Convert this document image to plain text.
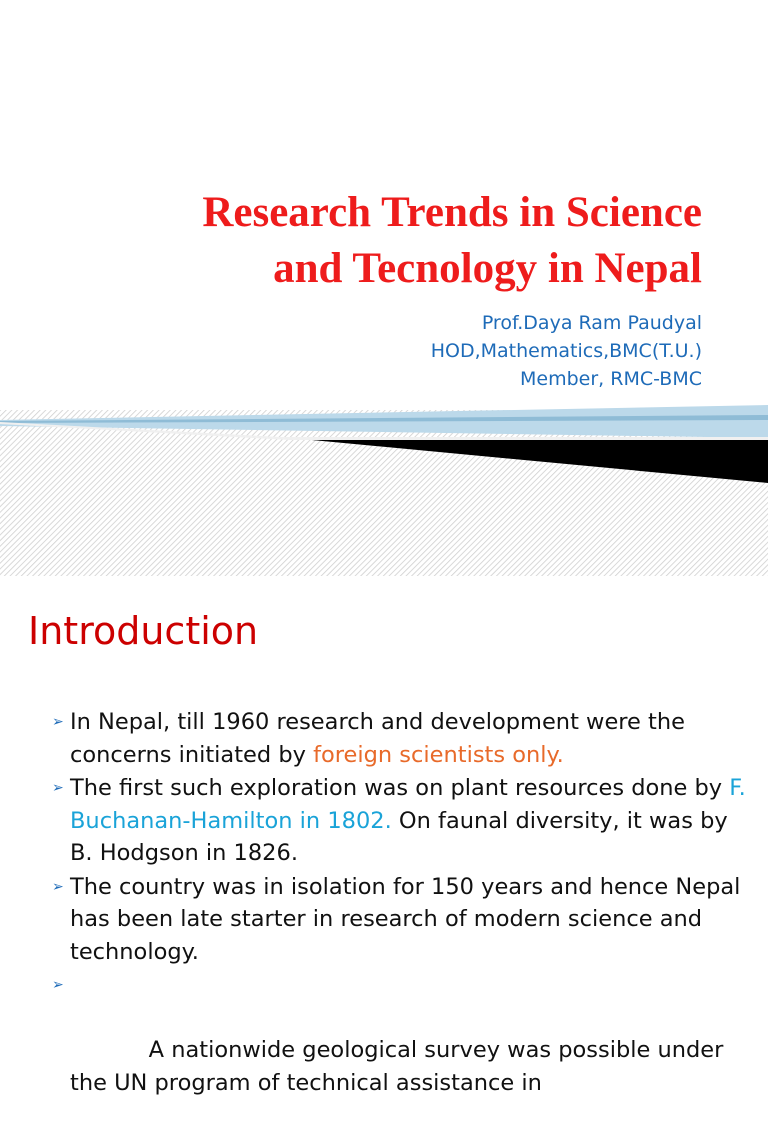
Research Trends in Science
and Tecnology in Nepal
Prof.Daya Ram Paudyal
HOD,Mathematics,BMC(T.U.)
Member, RMC-BMC
Introduction
➢ In Nepal, till 1960 research and development were the concerns initiated by foreign scientists only.
➢ The first such exploration was on plant resources done by F. Buchanan-Hamilton in 1802. On faunal diversity, it was by B. Hodgson in 1826.
➢ The country was in isolation for 150 years and hence Nepal has been late starter in research of modern science and technology.

➢

A nationwide geological survey was possible under the UN program of technical assistance in
